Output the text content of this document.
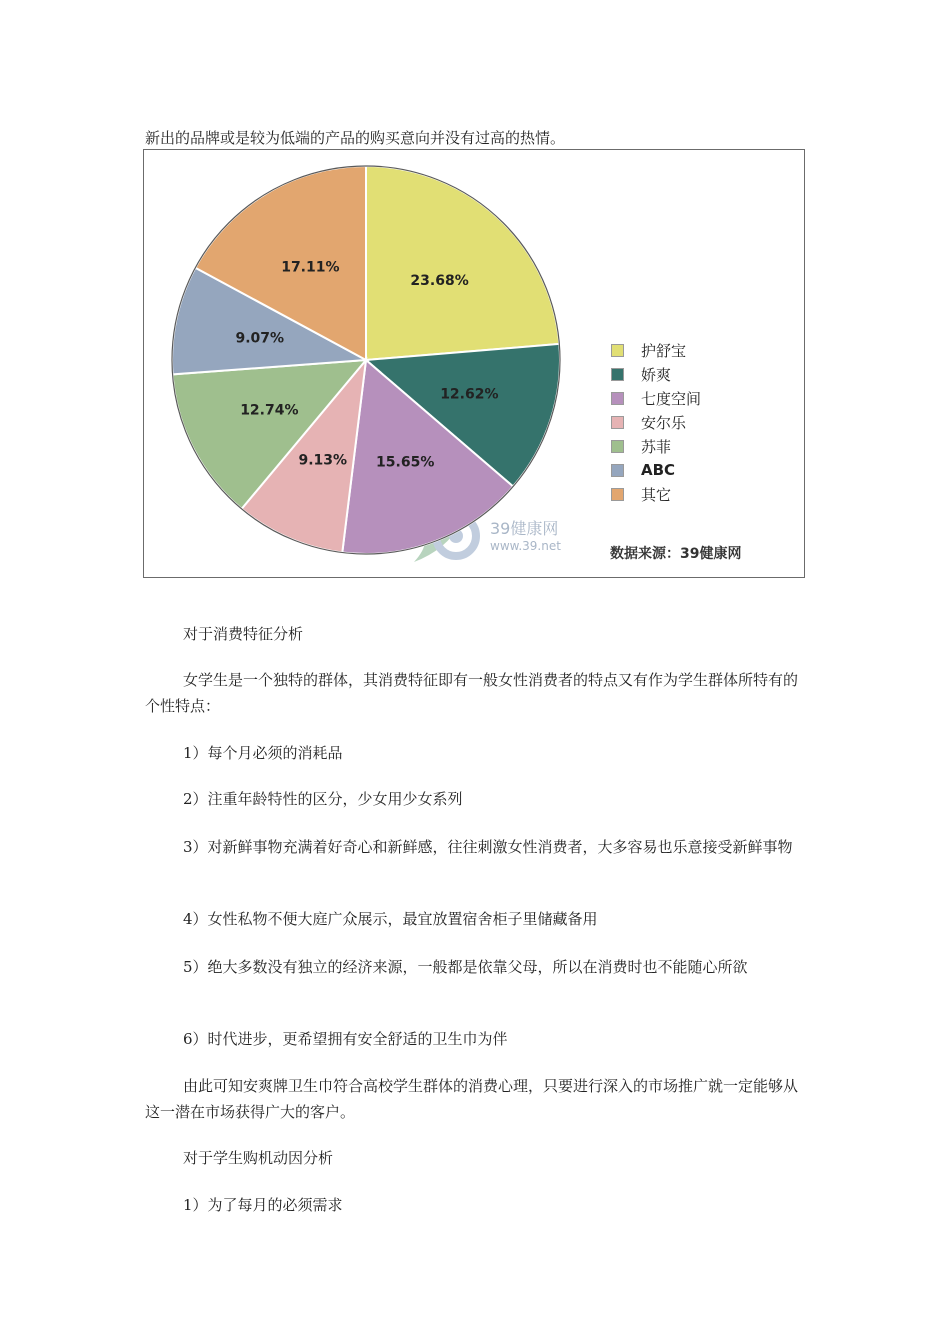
新出的品牌或是较为低端的产品的购买意向并没有过高的热情。

23.68%
12.62%
15.65%
9.13%
12.74%
9.07%
17.11%
39健康网
www.39.net
护舒宝
娇爽
七度空间
安尔乐
苏菲
ABC
其它
数据来源：39健康网

对于消费特征分析

女学生是一个独特的群体，其消费特征即有一般女性消费者的特点又有作为学生群体所特有的个性特点：

1）每个月必须的消耗品

2）注重年龄特性的区分，少女用少女系列

3）对新鲜事物充满着好奇心和新鲜感，往往刺激女性消费者，大多容易也乐意接受新鲜事物

4）女性私物不便大庭广众展示，最宜放置宿舍柜子里储藏备用

5）绝大多数没有独立的经济来源，一般都是依靠父母，所以在消费时也不能随心所欲

6）时代进步，更希望拥有安全舒适的卫生巾为伴

由此可知安爽牌卫生巾符合高校学生群体的消费心理，只要进行深入的市场推广就一定能够从这一潜在市场获得广大的客户。

对于学生购机动因分析

1）为了每月的必须需求
